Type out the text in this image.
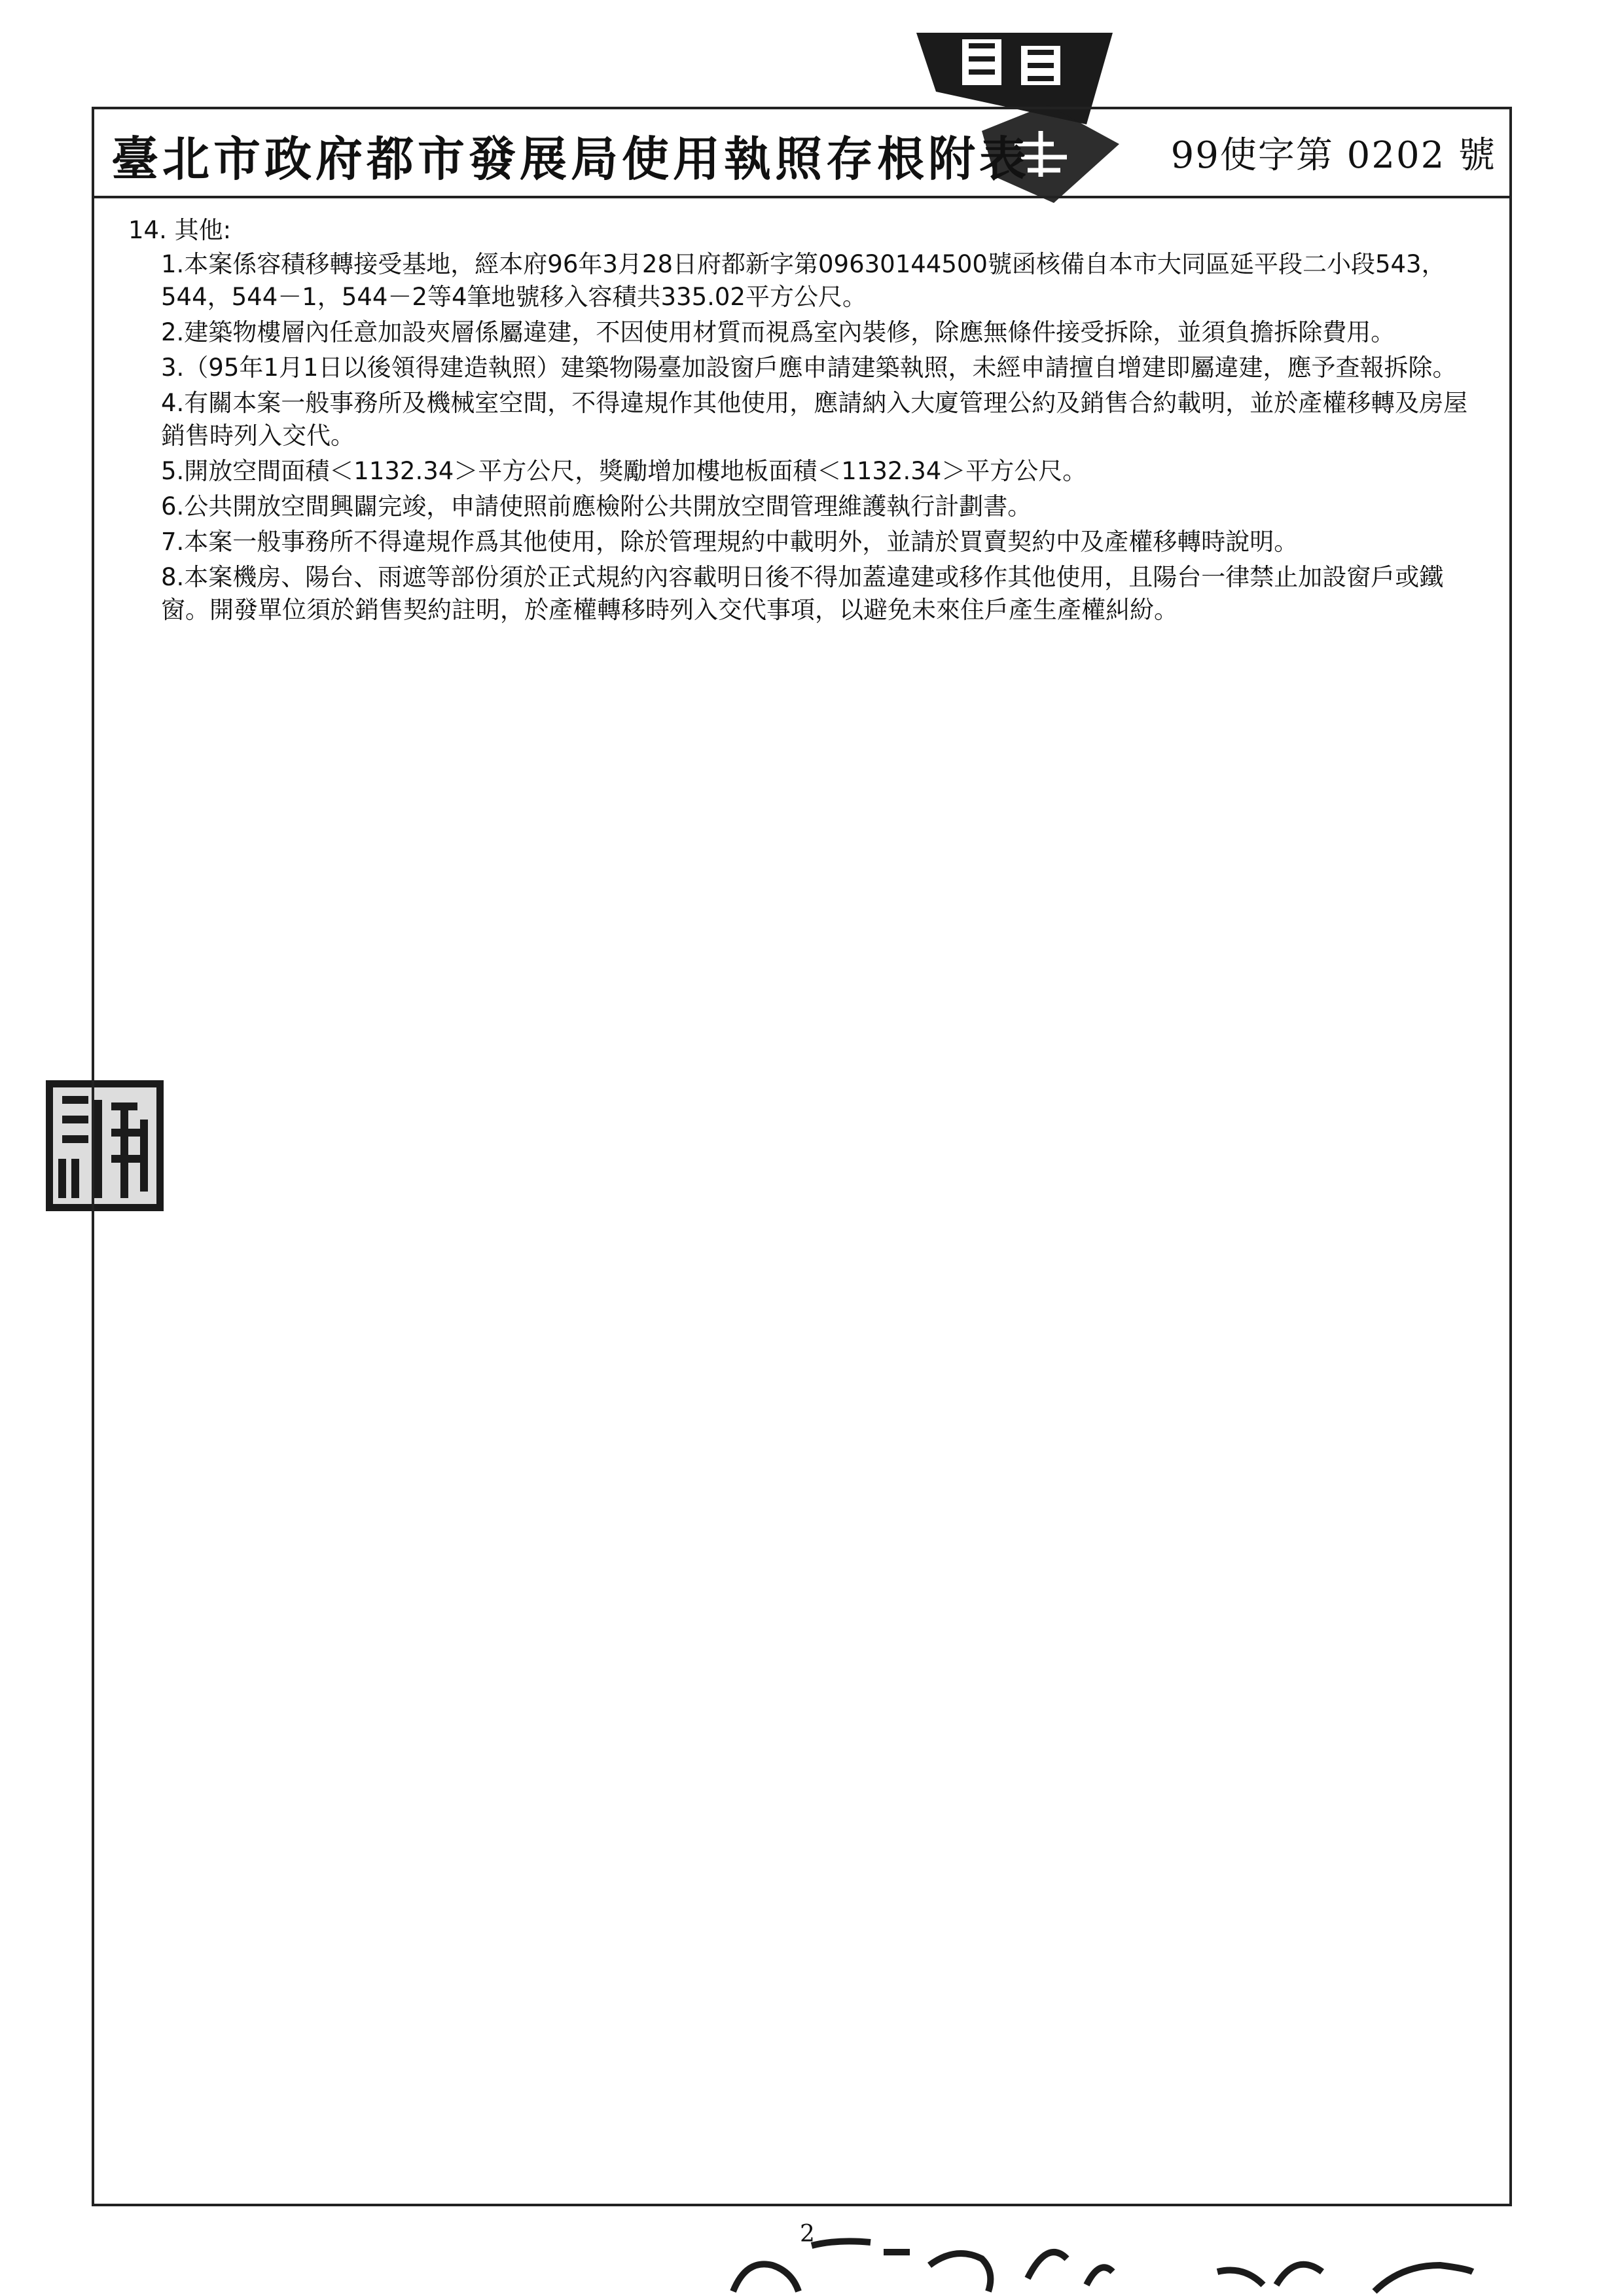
臺北市政府都市發展局使用執照存根附表	99使字第 0202 號
14. 其他:
1.本案係容積移轉接受基地，經本府96年3月28日府都新字第09630144500號函核備自本市大同區延平段二小段543，544，544－1，544－2等4筆地號移入容積共335.02平方公尺。
2.建築物樓層內任意加設夾層係屬違建，不因使用材質而視爲室內裝修，除應無條件接受拆除，並須負擔拆除費用。
3.（95年1月1日以後領得建造執照）建築物陽臺加設窗戶應申請建築執照，未經申請擅自增建即屬違建，應予查報拆除。
4.有關本案一般事務所及機械室空間，不得違規作其他使用，應請納入大廈管理公約及銷售合約載明，並於產權移轉及房屋銷售時列入交代。
5.開放空間面積＜1132.34＞平方公尺，獎勵增加樓地板面積＜1132.34＞平方公尺。
6.公共開放空間興闢完竣，申請使照前應檢附公共開放空間管理維護執行計劃書。
7.本案一般事務所不得違規作爲其他使用，除於管理規約中載明外，並請於買賣契約中及產權移轉時說明。
8.本案機房、陽台、雨遮等部份須於正式規約內容載明日後不得加蓋違建或移作其他使用，且陽台一律禁止加設窗戶或鐵窗。開發單位須於銷售契約註明，於產權轉移時列入交代事項，以避免未來住戶產生產權糾紛。
2
